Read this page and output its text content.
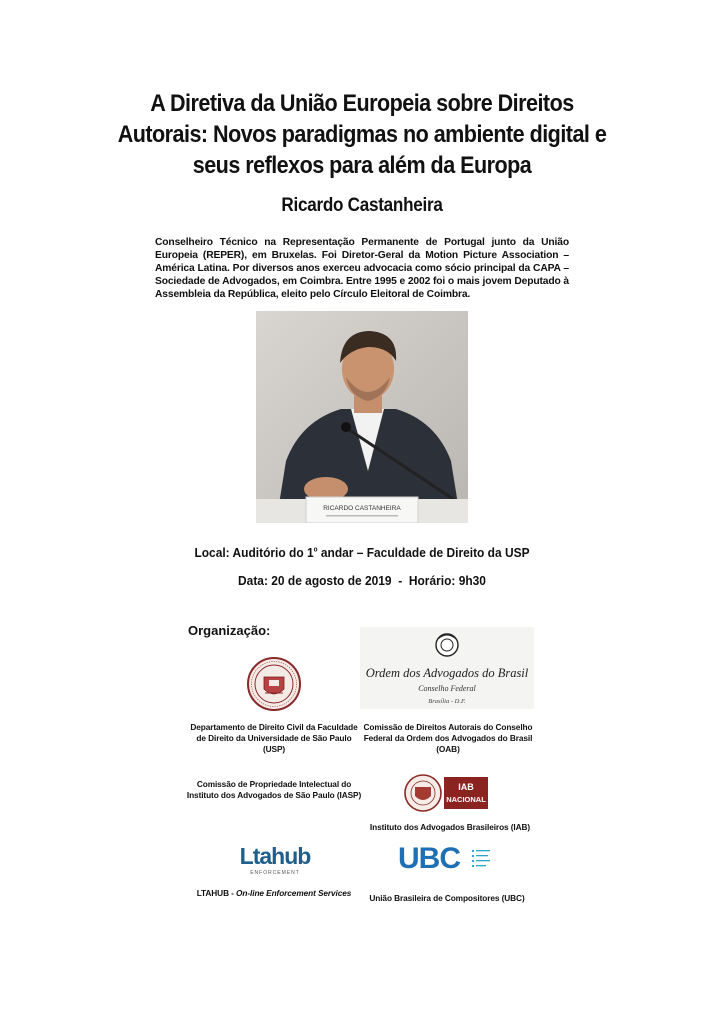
A Diretiva da União Europeia sobre Direitos
Autorais: Novos paradigmas no ambiente digital e
seus reflexos para além da Europa
Ricardo Castanheira
Conselheiro Técnico na Representação Permanente de Portugal junto da União Europeia (REPER), em Bruxelas. Foi Diretor-Geral da Motion Picture Association – América Latina. Por diversos anos exerceu advocacia como sócio principal da CAPA – Sociedade de Advogados, em Coimbra. Entre 1995 e 2002 foi o mais jovem Deputado à Assembleia da República, eleito pelo Círculo Eleitoral de Coimbra.
RICARDO CASTANHEIRA
Local: Auditório do 1$^o$ andar – Faculdade de Direito da USP
Data: 20 de agosto de 2019  -  Horário: 9h30
Organização:
Ordem dos Advogados do Brasil
Conselho Federal
Brasília - D.F.
Departamento de Direito Civil da Faculdade
de Direito da Universidade de São Paulo
(USP)
Comissão de Direitos Autorais do Conselho
Federal da Ordem dos Advogados do Brasil
(OAB)
Comissão de Propriedade Intelectual do
Instituto dos Advogados de São Paulo (IASP)
IAB
NACIONAL
Instituto dos Advogados Brasileiros (IAB)
Ltahub
ENFORCEMENT	UBC
LTAHUB - On-line Enforcement Services	União Brasileira de Compositores (UBC)
